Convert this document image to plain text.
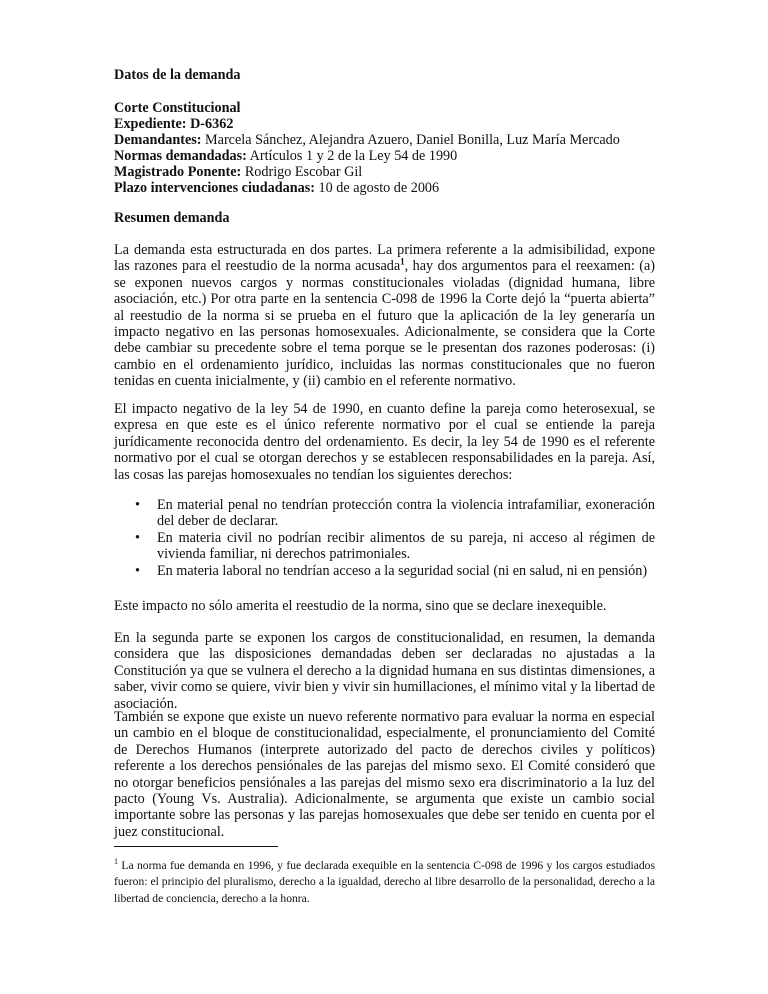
Datos de la demanda
Corte Constitucional
Expediente: D-6362
Demandantes: Marcela Sánchez, Alejandra Azuero, Daniel Bonilla, Luz María Mercado
Normas demandadas: Artículos 1 y 2 de la Ley 54 de 1990
Magistrado Ponente: Rodrigo Escobar Gil
Plazo intervenciones ciudadanas: 10 de agosto de 2006
Resumen demanda
La demanda esta estructurada en dos partes. La primera referente a la admisibilidad, expone las razones para el reestudio de la norma acusada$^1$, hay dos argumentos para el reexamen: (a) se exponen nuevos cargos y normas constitucionales violadas (dignidad humana, libre asociación, etc.) Por otra parte en la sentencia C-098 de 1996 la Corte dejó la “puerta abierta” al reestudio de la norma si se prueba en el futuro que la aplicación de la ley generaría un impacto negativo en las personas homosexuales. Adicionalmente, se considera que la Corte debe cambiar su precedente sobre el tema porque se le presentan dos razones poderosas: (i) cambio en el ordenamiento jurídico, incluidas las normas constitucionales que no fueron tenidas en cuenta inicialmente, y (ii) cambio en el referente normativo.
El impacto negativo de la ley 54 de 1990, en cuanto define la pareja como heterosexual, se expresa en que este es el único referente normativo por el cual se entiende la pareja jurídicamente reconocida dentro del ordenamiento. Es decir, la ley 54 de 1990 es el referente normativo por el cual se otorgan derechos y se establecen responsabilidades en la pareja. Así, las cosas las parejas homosexuales no tendían los siguientes derechos:
• En material penal no tendrían protección contra la violencia intrafamiliar, exoneración del deber de declarar.
• En materia civil no podrían recibir alimentos de su pareja, ni acceso al régimen de vivienda familiar, ni derechos patrimoniales.
• En materia laboral no tendrían acceso a la seguridad social (ni en salud, ni en pensión)
Este impacto no sólo amerita el reestudio de la norma, sino que se declare inexequible.
En la segunda parte se exponen los cargos de constitucionalidad, en resumen, la demanda considera que las disposiciones demandadas deben ser declaradas no ajustadas a la Constitución ya que se vulnera el derecho a la dignidad humana en sus distintas dimensiones, a saber, vivir como se quiere, vivir bien y vivir sin humillaciones, el mínimo vital y la libertad de asociación.
También se expone que existe un nuevo referente normativo para evaluar la norma en especial un cambio en el bloque de constitucionalidad, especialmente, el pronunciamiento del Comité de Derechos Humanos (interprete autorizado del pacto de derechos civiles y políticos) referente a los derechos pensiónales de las parejas del mismo sexo. El Comité consideró que no otorgar beneficios pensiónales a las parejas del mismo sexo era discriminatorio a la luz del pacto (Young Vs. Australia). Adicionalmente, se argumenta que existe un cambio social importante sobre las personas y las parejas homosexuales que debe ser tenido en cuenta por el juez constitucional.
$^1$ La norma fue demanda en 1996, y fue declarada exequible en la sentencia C-098 de 1996 y los cargos estudiados fueron: el principio del pluralismo, derecho a la igualdad, derecho al libre desarrollo de la personalidad, derecho a la libertad de conciencia, derecho a la honra.
